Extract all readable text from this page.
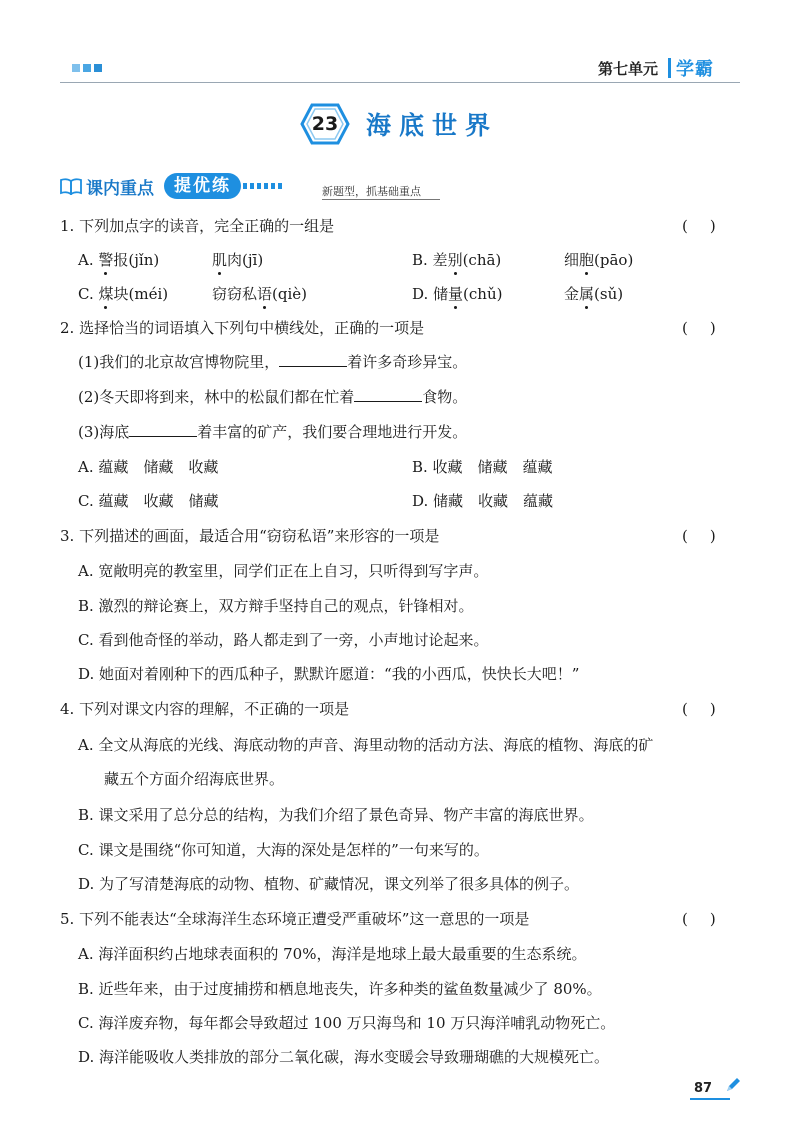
第七单元 学霸
23	海底世界
课内重点	提优练	新题型，抓基础重点
1. 下列加点字的读音，完全正确的一组是	()
A. 警报(jǐn)	肌肉(jī)	B. 差别(chā)	细胞(pāo)
C. 煤块(méi)	窃窃私语(qiè)	D. 储量(chǔ)	金属(sǔ)
2. 选择恰当的词语填入下列句中横线处，正确的一项是	()
(1)我们的北京故宫博物院里，	着许多奇珍异宝。
(2)冬天即将到来，林中的松鼠们都在忙着	食物。
(3)海底	着丰富的矿产，我们要合理地进行开发。
A. 蕴藏　储藏　收藏	B. 收藏　储藏　蕴藏
C. 蕴藏　收藏　储藏	D. 储藏　收藏　蕴藏
3. 下列描述的画面，最适合用“窃窃私语”来形容的一项是	()
A. 宽敞明亮的教室里，同学们正在上自习，只听得到写字声。
B. 激烈的辩论赛上，双方辩手坚持自己的观点，针锋相对。
C. 看到他奇怪的举动，路人都走到了一旁，小声地讨论起来。
D. 她面对着刚种下的西瓜种子，默默许愿道：“我的小西瓜，快快长大吧！”
4. 下列对课文内容的理解，不正确的一项是	()
A. 全文从海底的光线、海底动物的声音、海里动物的活动方法、海底的植物、海底的矿
藏五个方面介绍海底世界。
B. 课文采用了总分总的结构，为我们介绍了景色奇异、物产丰富的海底世界。
C. 课文是围绕“你可知道，大海的深处是怎样的”一句来写的。
D. 为了写清楚海底的动物、植物、矿藏情况，课文列举了很多具体的例子。
5. 下列不能表达“全球海洋生态环境正遭受严重破坏”这一意思的一项是	()
A. 海洋面积约占地球表面积的 70%，海洋是地球上最大最重要的生态系统。
B. 近些年来，由于过度捕捞和栖息地丧失，许多种类的鲨鱼数量减少了 80%。
C. 海洋废弃物，每年都会导致超过 100 万只海鸟和 10 万只海洋哺乳动物死亡。
D. 海洋能吸收人类排放的部分二氧化碳，海水变暖会导致珊瑚礁的大规模死亡。
87
